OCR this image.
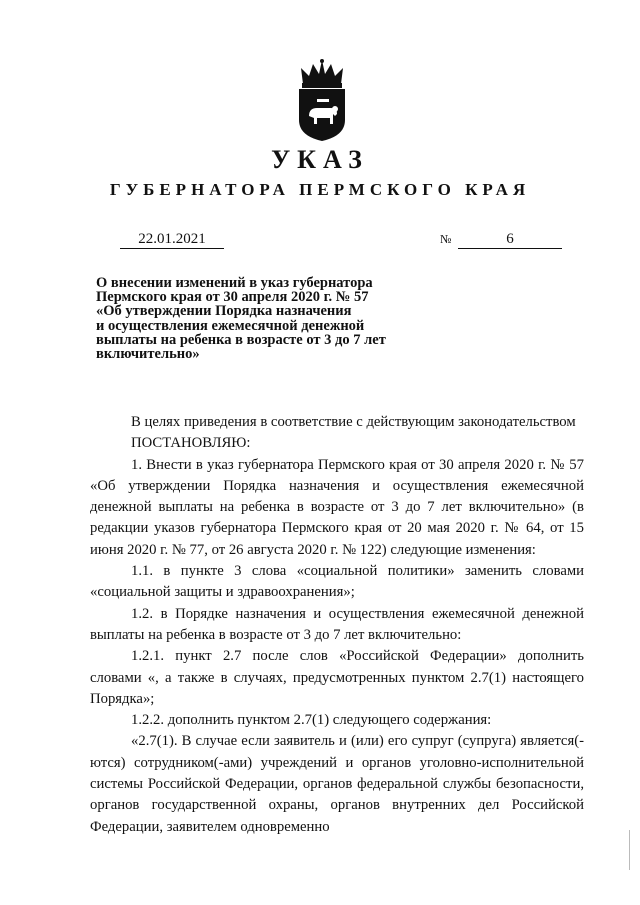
УКАЗ
ГУБЕРНАТОРА ПЕРМСКОГО КРАЯ
22.01.2021	№	6
О внесении изменений в указ губернатора
Пермского края от 30 апреля 2020 г. № 57
«Об утверждении Порядка назначения
и осуществления ежемесячной денежной
выплаты на ребенка в возрасте от 3 до 7 лет
включительно»

В целях приведения в соответствие с действующим законодательством

ПОСТАНОВЛЯЮ:

1. Внести в указ губернатора Пермского края от 30 апреля 2020 г. № 57 «Об утверждении Порядка назначения и осуществления ежемесячной денежной выплаты на ребенка в возрасте от 3 до 7 лет включительно» (в редакции указов губернатора Пермского края от 20 мая 2020 г. № 64, от 15 июня 2020 г. № 77, от 26 августа 2020 г. № 122) следующие изменения:

1.1. в пункте 3 слова «социальной политики» заменить словами «социальной защиты и здравоохранения»;

1.2. в Порядке назначения и осуществления ежемесячной денежной выплаты на ребенка в возрасте от 3 до 7 лет включительно:

1.2.1. пункт 2.7 после слов «Российской Федерации» дополнить словами «, а также в случаях, предусмотренных пунктом 2.7(1) настоящего Порядка»;

1.2.2. дополнить пунктом 2.7(1) следующего содержания:

«2.7(1). В случае если заявитель и (или) его супруг (супруга) является(-ются) сотрудником(-ами) учреждений и органов уголовно-исполнительной системы Российской Федерации, органов федеральной службы безопасности, органов государственной охраны, органов внутренних дел Российской Федерации, заявителем одновременно
